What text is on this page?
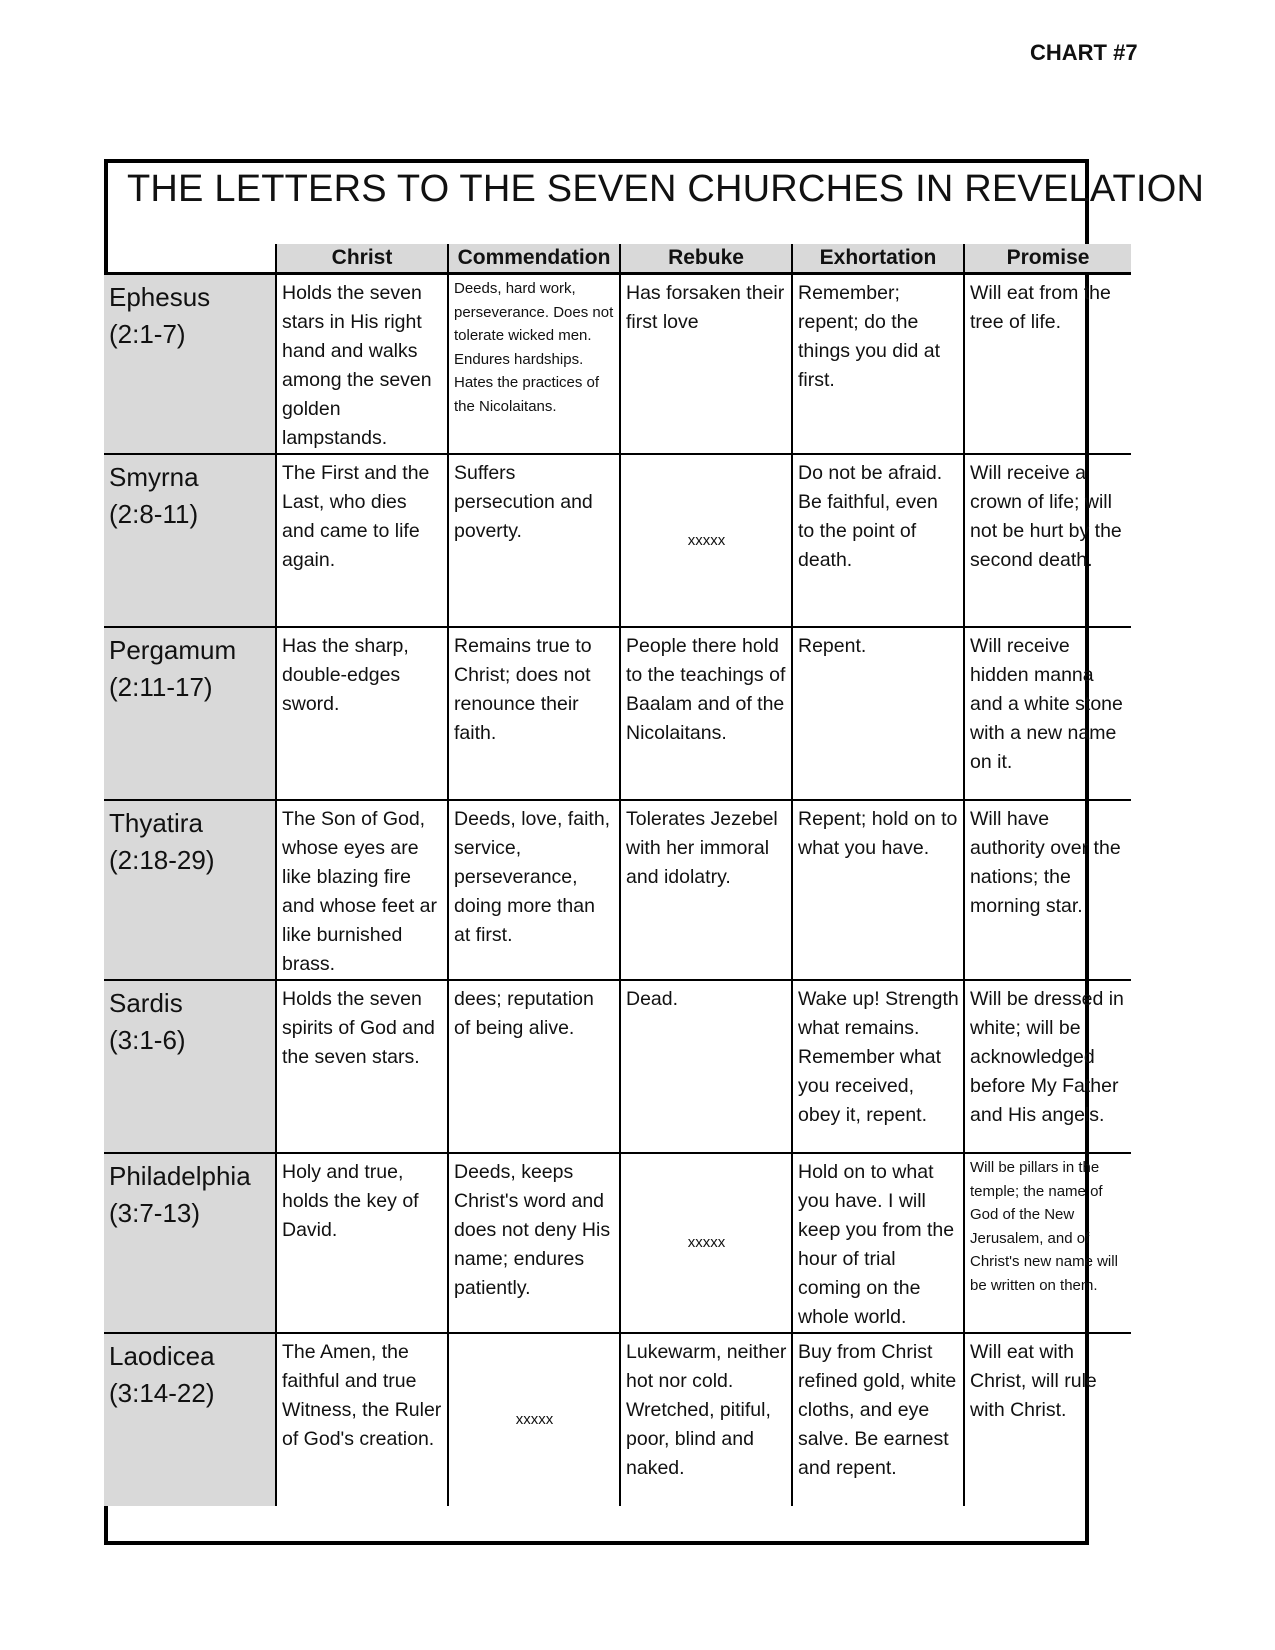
CHART #7
THE LETTERS TO THE SEVEN CHURCHES IN REVELATION
	Christ	Commendation	Rebuke	Exhortation	Promise

Ephesus
(2:1-7)	Holds the seven stars in His right hand and walks among the seven golden lampstands.	Deeds, hard work, perseverance. Does not tolerate wicked men. Endures hardships. Hates the practices of the Nicolaitans.	Has forsaken their first love	Remember; repent; do the things you did at first.	Will eat from the tree of life.

Smyrna
(2:8-11)	The First and the Last, who dies and came to life again.	Suffers persecution and poverty.	xxxxx	Do not be afraid. Be faithful, even to the point of death.	Will receive a crown of life; will not be hurt by the second death.

Pergamum
(2:11-17)	Has the sharp, double-edges sword.	Remains true to Christ; does not renounce their faith.	People there hold to the teachings of Baalam and of the Nicolaitans.	Repent.	Will receive hidden manna and a white stone with a new name on it.

Thyatira
(2:18-29)	The Son of God, whose eyes are like blazing fire and whose feet ar like burnished brass.	Deeds, love, faith, service, perseverance, doing more than at first.	Tolerates Jezebel with her immoral and idolatry.	Repent; hold on to what you have.	Will have authority over the nations; the morning star.

Sardis
(3:1-6)	Holds the seven spirits of God and the seven stars.	dees; reputation of being alive.	Dead.	Wake up! Strength what remains. Remember what you received, obey it, repent.	Will be dressed in white; will be acknowledged before My Father and His angels.

Philadelphia
(3:7-13)	Holy and true, holds the key of David.	Deeds, keeps Christ's word and does not deny His name; endures patiently.	xxxxx	Hold on to what you have. I will keep you from the hour of trial coming on the whole world.	Will be pillars in the temple; the name of God of the New Jerusalem, and of Christ's new name will be written on them.

Laodicea
(3:14-22)	The Amen, the faithful and true Witness, the Ruler of God's creation.	xxxxx	Lukewarm, neither hot nor cold. Wretched, pitiful, poor, blind and naked.	Buy from Christ refined gold, white cloths, and eye salve. Be earnest and repent.	Will eat with Christ, will rule with Christ.
